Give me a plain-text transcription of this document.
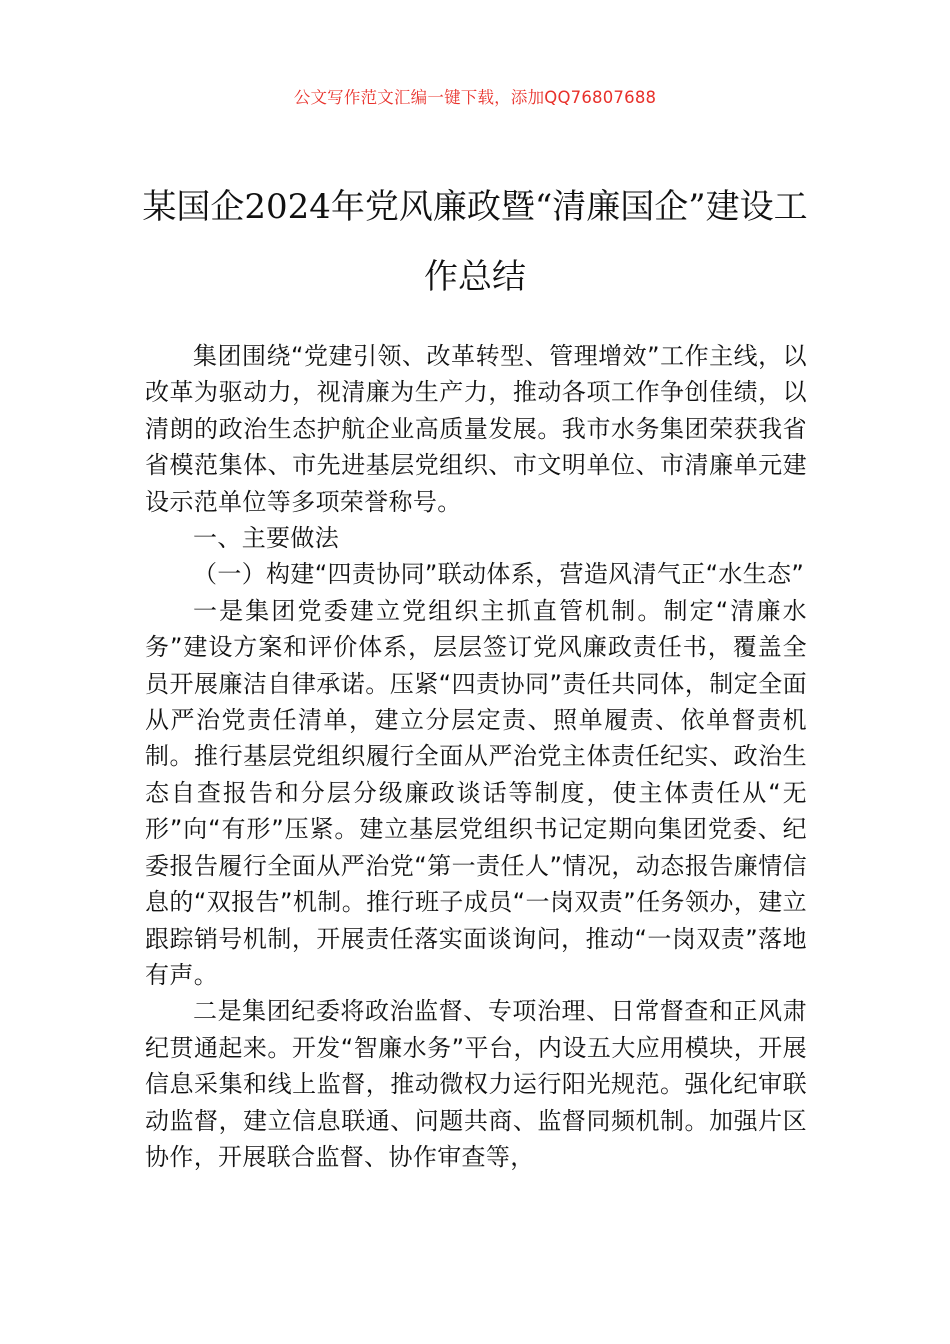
公文写作范文汇编一键下载，添加QQ76807688
某国企2024年党风廉政暨“清廉国企”建设工作总结

集团围绕“党建引领、改革转型、管理增效”工作主线，以改革为驱动力，视清廉为生产力，推动各项工作争创佳绩，以清朗的政治生态护航企业高质量发展。我市水务集团荣获我省省模范集体、市先进基层党组织、市文明单位、市清廉单元建设示范单位等多项荣誉称号。

一、主要做法

（一）构建“四责协同”联动体系，营造风清气正“水生态”

一是集团党委建立党组织主抓直管机制。制定“清廉水务”建设方案和评价体系，层层签订党风廉政责任书，覆盖全员开展廉洁自律承诺。压紧“四责协同”责任共同体，制定全面从严治党责任清单，建立分层定责、照单履责、依单督责机制。推行基层党组织履行全面从严治党主体责任纪实、政治生态自查报告和分层分级廉政谈话等制度，使主体责任从“无形”向“有形”压紧。建立基层党组织书记定期向集团党委、纪委报告履行全面从严治党“第一责任人”情况，动态报告廉情信息的“双报告”机制。推行班子成员“一岗双责”任务领办，建立跟踪销号机制，开展责任落实面谈询问，推动“一岗双责”落地有声。

二是集团纪委将政治监督、专项治理、日常督查和正风肃纪贯通起来。开发“智廉水务”平台，内设五大应用模块，开展信息采集和线上监督，推动微权力运行阳光规范。强化纪审联动监督，建立信息联通、问题共商、监督同频机制。加强片区协作，开展联合监督、协作审查等，
